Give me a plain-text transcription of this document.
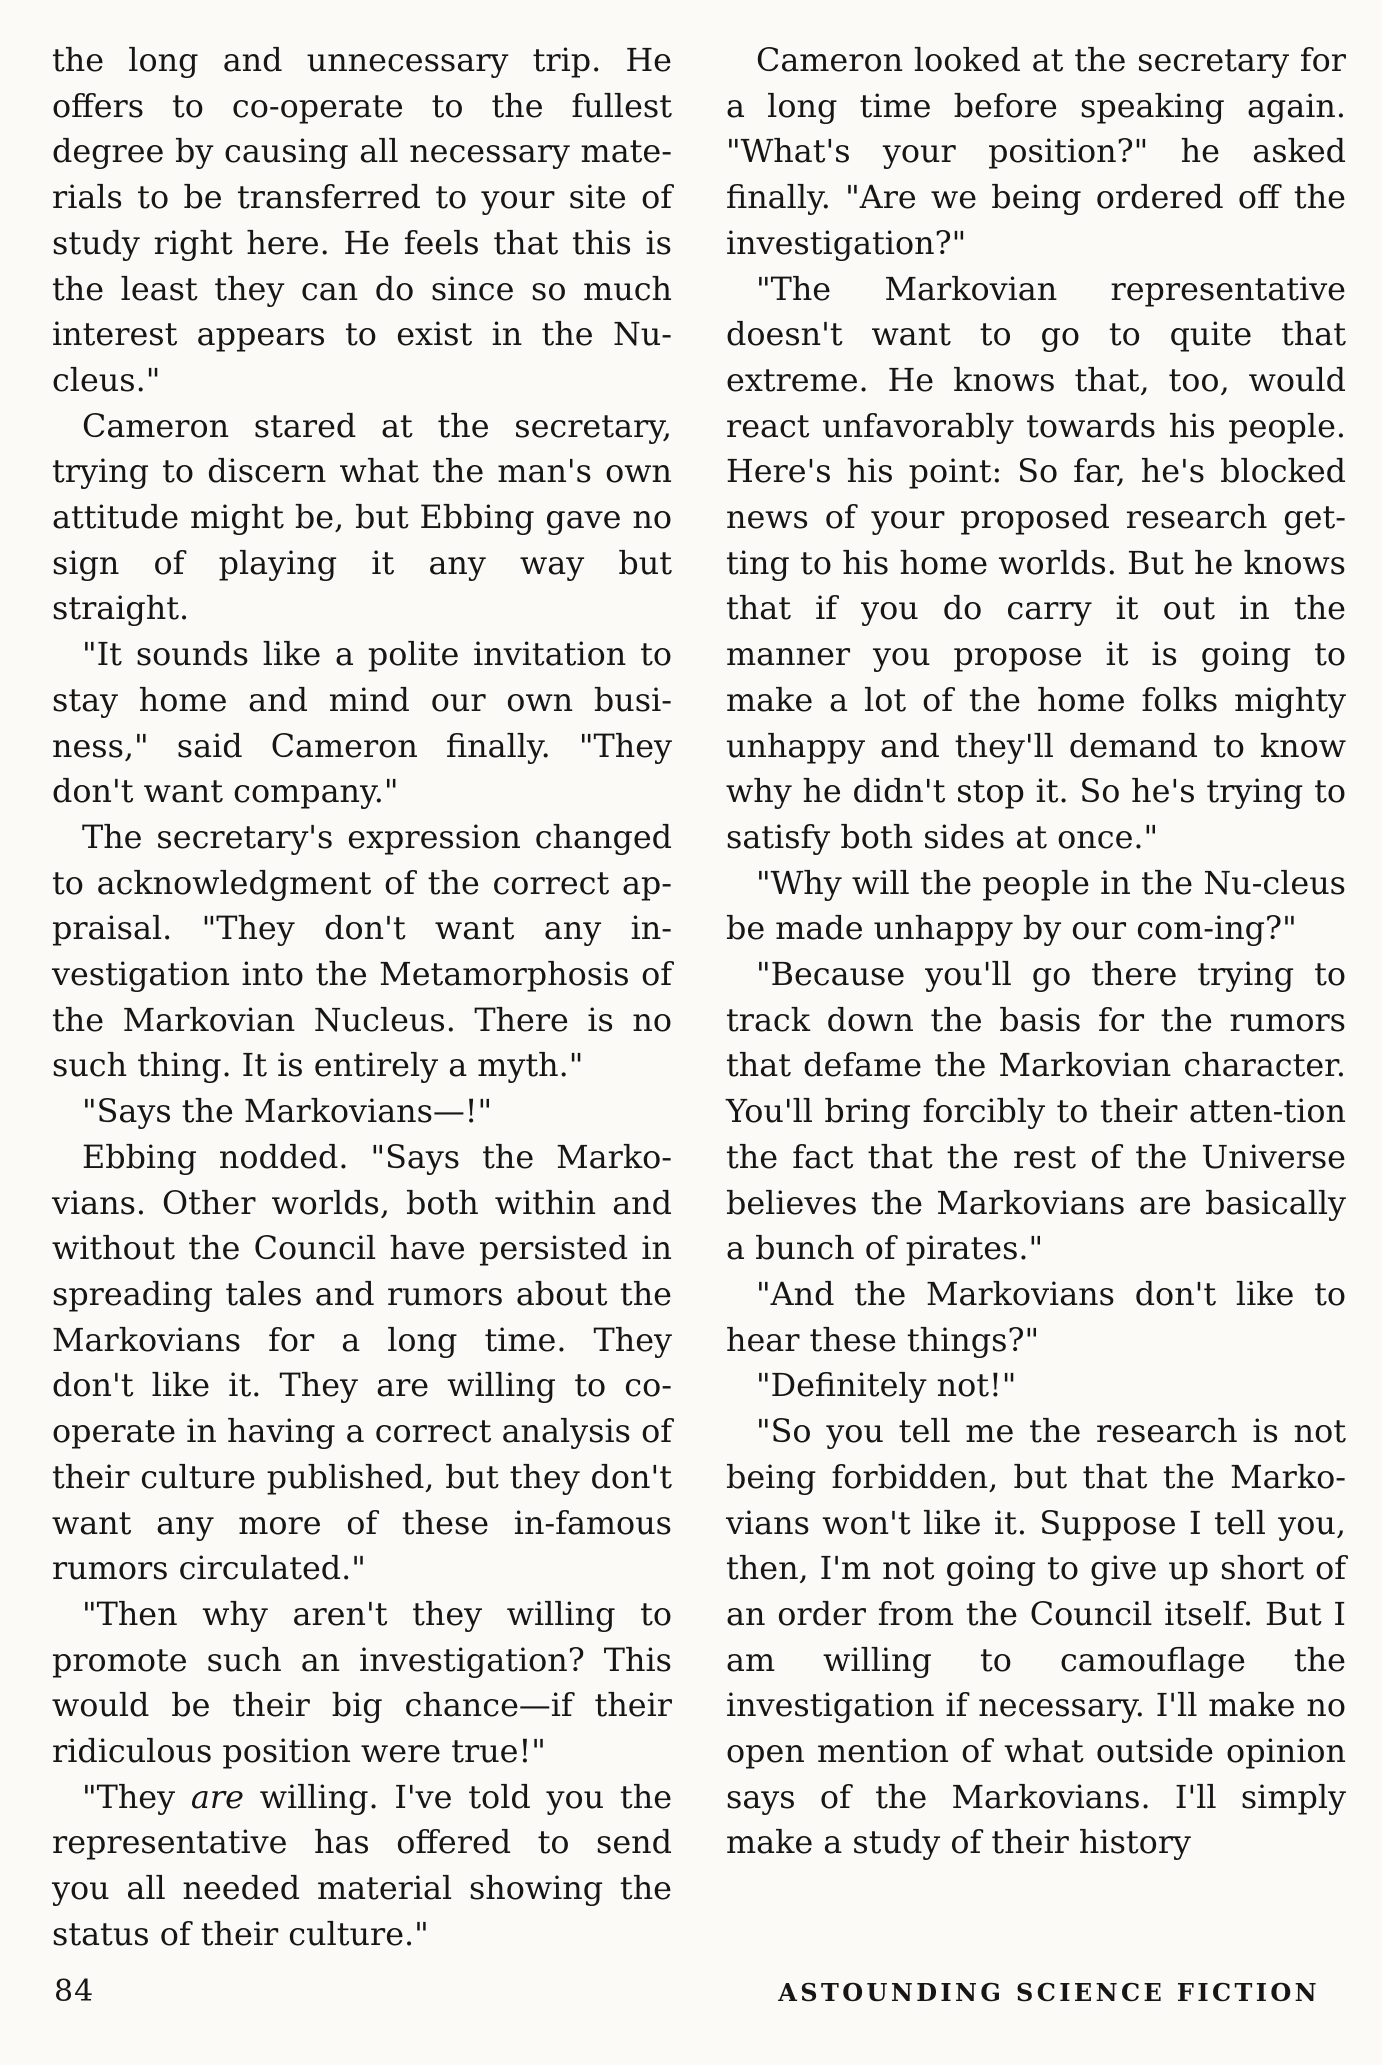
the long and unnecessary trip. He offers to co-operate to the fullest degree by causing all necessary mate-rials to be transferred to your site of study right here. He feels that this is the least they can do since so much interest appears to exist in the Nu-cleus."

Cameron stared at the secretary, trying to discern what the man's own attitude might be, but Ebbing gave no sign of playing it any way but straight.

"It sounds like a polite invitation to stay home and mind our own busi-ness," said Cameron finally. "They don't want company."

The secretary's expression changed to acknowledgment of the correct ap-praisal. "They don't want any in-vestigation into the Metamorphosis of the Markovian Nucleus. There is no such thing. It is entirely a myth."

"Says the Markovians—!"

Ebbing nodded. "Says the Marko-vians. Other worlds, both within and without the Council have persisted in spreading tales and rumors about the Markovians for a long time. They don't like it. They are willing to co-operate in having a correct analysis of their culture published, but they don't want any more of these in-famous rumors circulated."

"Then why aren't they willing to promote such an investigation? This would be their big chance—if their ridiculous position were true!"

"They are willing. I've told you the representative has offered to send you all needed material showing the status of their culture."

Cameron looked at the secretary for a long time before speaking again. "What's your position?" he asked finally. "Are we being ordered off the investigation?"

"The Markovian representative doesn't want to go to quite that extreme. He knows that, too, would react unfavorably towards his people. Here's his point: So far, he's blocked news of your proposed research get-ting to his home worlds. But he knows that if you do carry it out in the manner you propose it is going to make a lot of the home folks mighty unhappy and they'll demand to know why he didn't stop it. So he's trying to satisfy both sides at once."

"Why will the people in the Nu-cleus be made unhappy by our com-ing?"

"Because you'll go there trying to track down the basis for the rumors that defame the Markovian character. You'll bring forcibly to their atten-tion the fact that the rest of the Universe believes the Markovians are basically a bunch of pirates."

"And the Markovians don't like to hear these things?"

"Definitely not!"

"So you tell me the research is not being forbidden, but that the Marko-vians won't like it. Suppose I tell you, then, I'm not going to give up short of an order from the Council itself. But I am willing to camouflage the investigation if necessary. I'll make no open mention of what outside opinion says of the Markovians. I'll simply make a study of their history

84	ASTOUNDING SCIENCE FICTION
